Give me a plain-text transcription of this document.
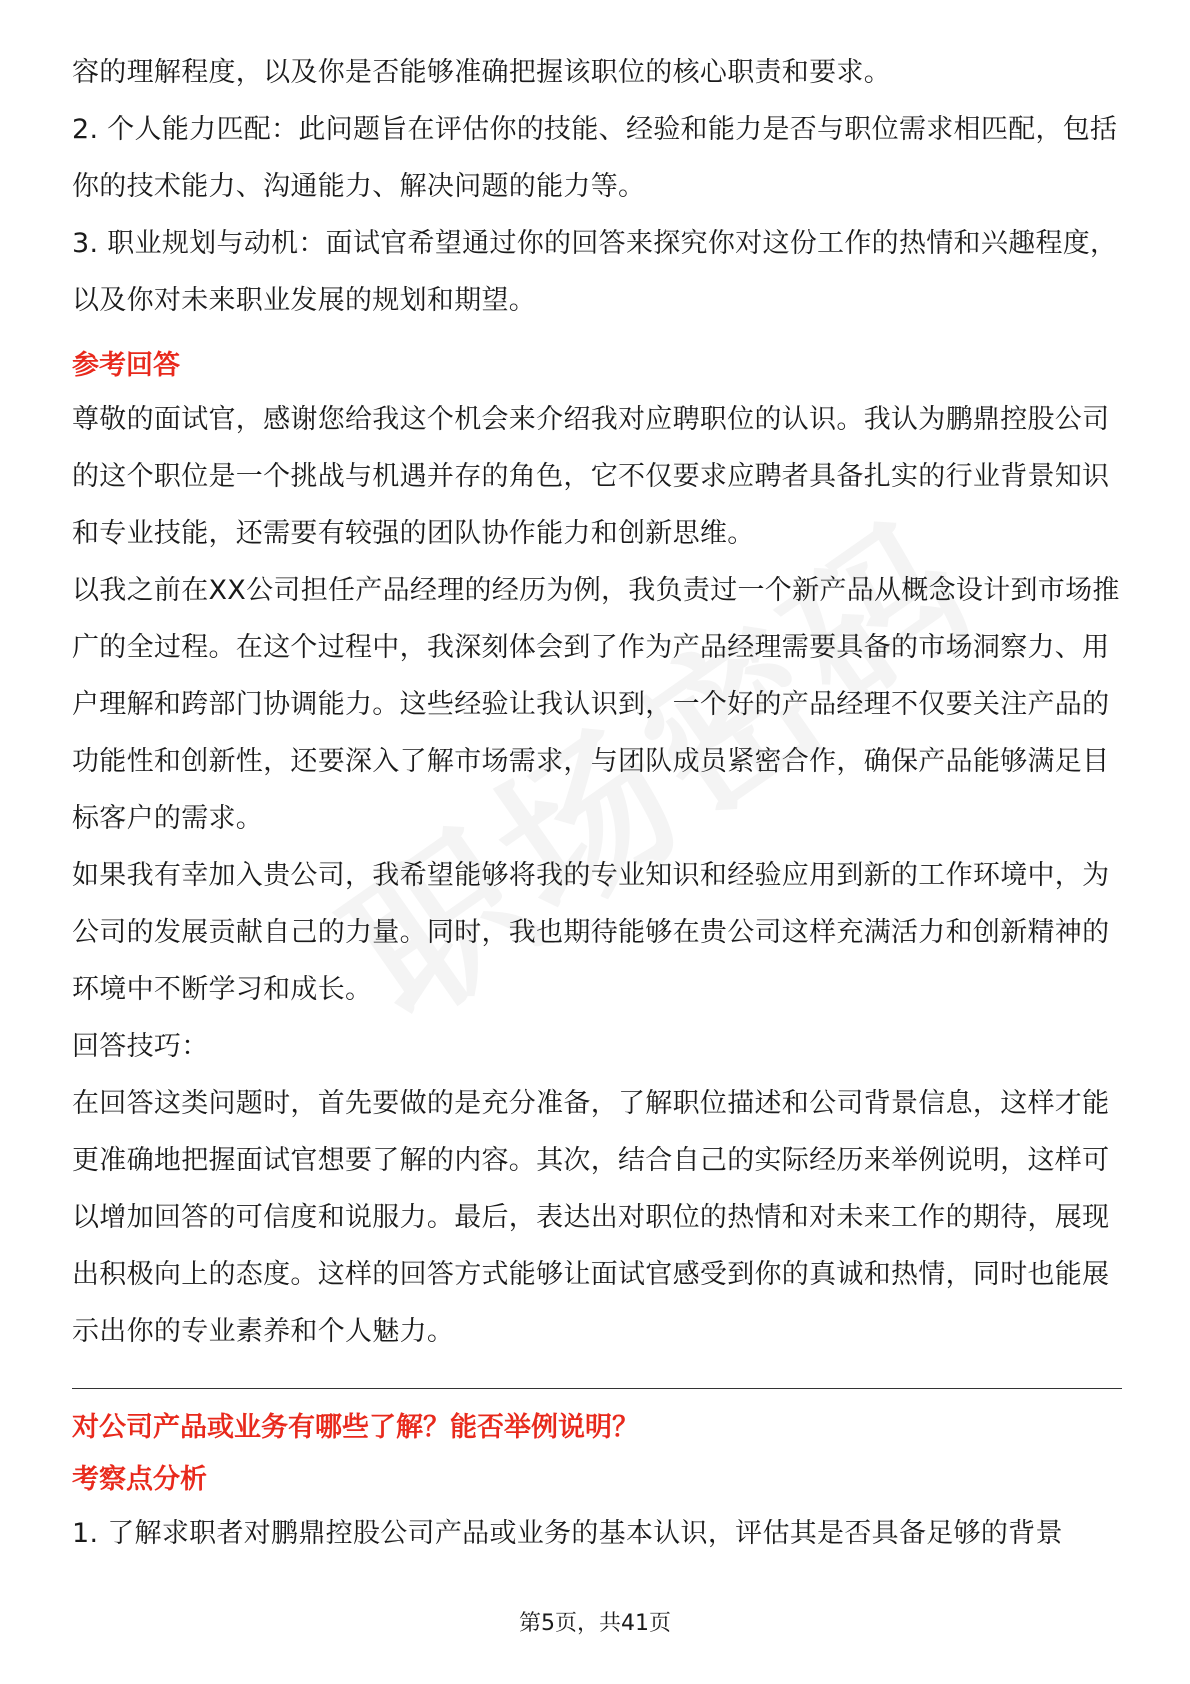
容的理解程度，以及你是否能够准确把握该职位的核心职责和要求。

2. 个人能力匹配：此问题旨在评估你的技能、经验和能力是否与职位需求相匹配，包括你的技术能力、沟通能力、解决问题的能力等。

3. 职业规划与动机：面试官希望通过你的回答来探究你对这份工作的热情和兴趣程度，以及你对未来职业发展的规划和期望。

参考回答

尊敬的面试官，感谢您给我这个机会来介绍我对应聘职位的认识。我认为鹏鼎控股公司的这个职位是一个挑战与机遇并存的角色，它不仅要求应聘者具备扎实的行业背景知识和专业技能，还需要有较强的团队协作能力和创新思维。

以我之前在XX公司担任产品经理的经历为例，我负责过一个新产品从概念设计到市场推广的全过程。在这个过程中，我深刻体会到了作为产品经理需要具备的市场洞察力、用户理解和跨部门协调能力。这些经验让我认识到，一个好的产品经理不仅要关注产品的功能性和创新性，还要深入了解市场需求，与团队成员紧密合作，确保产品能够满足目标客户的需求。

如果我有幸加入贵公司，我希望能够将我的专业知识和经验应用到新的工作环境中，为公司的发展贡献自己的力量。同时，我也期待能够在贵公司这样充满活力和创新精神的环境中不断学习和成长。

回答技巧：

在回答这类问题时，首先要做的是充分准备，了解职位描述和公司背景信息，这样才能更准确地把握面试官想要了解的内容。其次，结合自己的实际经历来举例说明，这样可以增加回答的可信度和说服力。最后，表达出对职位的热情和对未来工作的期待，展现出积极向上的态度。这样的回答方式能够让面试官感受到你的真诚和热情，同时也能展示出你的专业素养和个人魅力。

对公司产品或业务有哪些了解？能否举例说明？
考察点分析

1. 了解求职者对鹏鼎控股公司产品或业务的基本认识，评估其是否具备足够的背景

第5页，共41页
